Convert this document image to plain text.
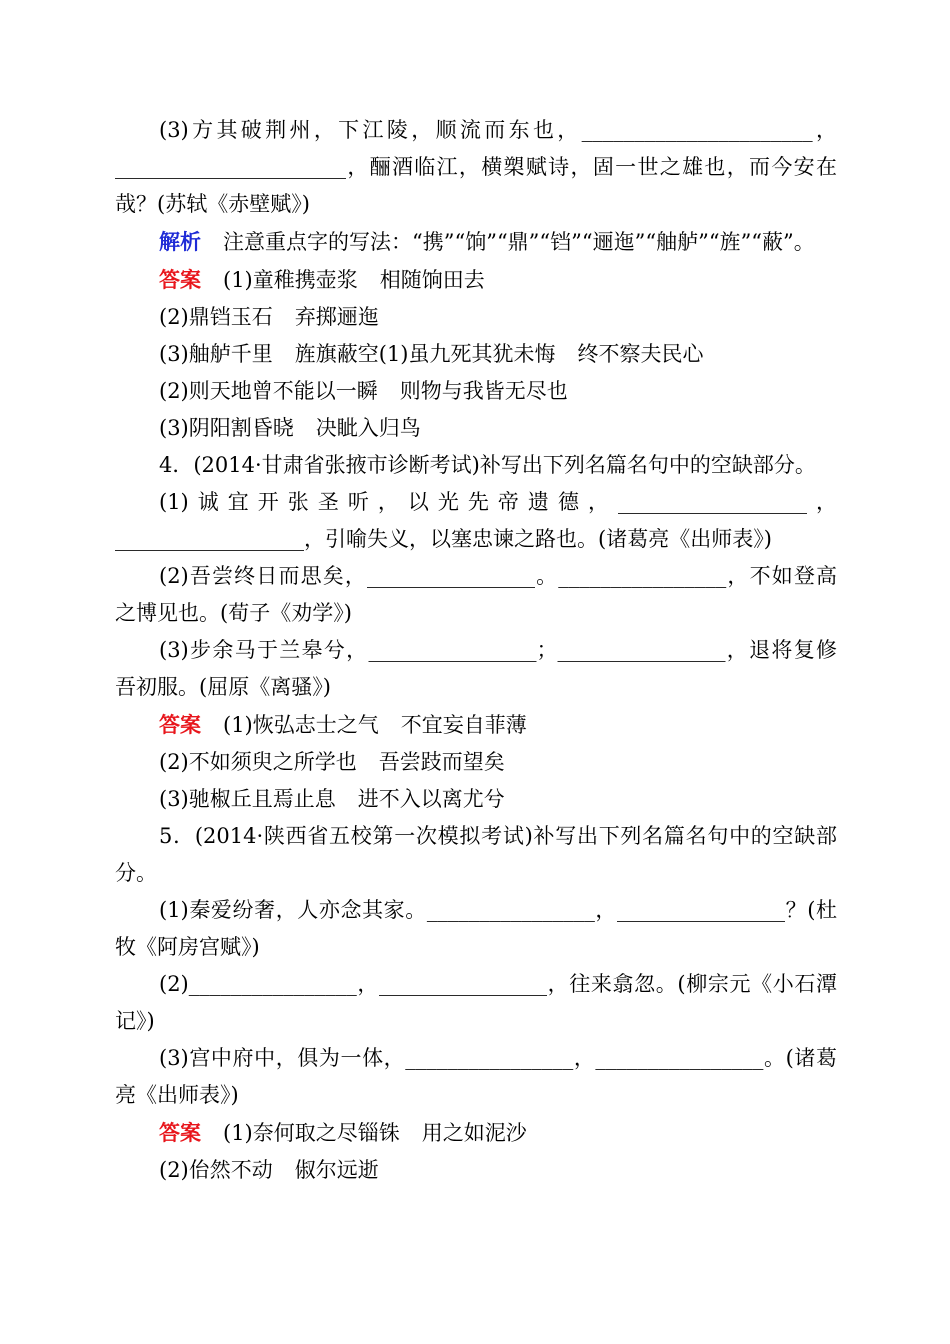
(3)方其破荆州，下江陵，顺流而东也，______________________，______________________，酾酒临江，横槊赋诗，固一世之雄也，而今安在哉？(苏轼《赤壁赋》)
解析 注意重点字的写法：“携”“饷”“鼎”“铛”“逦迤”“舳舻”“旌”“蔽”。
答案 (1)童稚携壶浆 相随饷田去
(2)鼎铛玉石 弃掷逦迤
(3)舳舻千里 旌旗蔽空(1)虽九死其犹未悔 终不察夫民心
(2)则天地曾不能以一瞬 则物与我皆无尽也
(3)阴阳割昏晓 决眦入归鸟
4．(2014·甘肃省张掖市诊断考试)补写出下列名篇名句中的空缺部分。
(1)诚宜开张圣听，以光先帝遗德，__________________，__________________，引喻失义，以塞忠谏之路也。(诸葛亮《出师表》)
(2)吾尝终日而思矣，________________。________________，不如登高之博见也。(荀子《劝学》)
(3)步余马于兰皋兮，________________；________________，退将复修吾初服。(屈原《离骚》)
答案 (1)恢弘志士之气 不宜妄自菲薄
(2)不如须臾之所学也 吾尝跂而望矣
(3)驰椒丘且焉止息 进不入以离尤兮
5．(2014·陕西省五校第一次模拟考试)补写出下列名篇名句中的空缺部分。
(1)秦爱纷奢，人亦念其家。________________，________________？(杜牧《阿房宫赋》)
(2)________________，________________，往来翕忽。(柳宗元《小石潭记》)
(3)宫中府中，俱为一体，________________，________________。(诸葛亮《出师表》)
答案 (1)奈何取之尽锱铢 用之如泥沙
(2)佁然不动 俶尔远逝
